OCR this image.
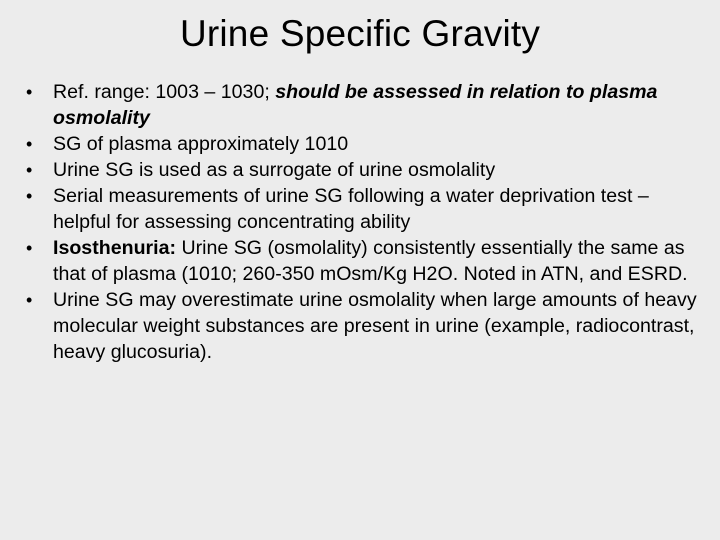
Urine Specific Gravity
• Ref. range: 1003 – 1030; should be assessed in relation to plasma osmolality
• SG of plasma approximately 1010
• Urine SG is used as a surrogate of urine osmolality
• Serial measurements of urine SG following a water deprivation test – helpful for assessing concentrating ability
• Isosthenuria: Urine SG (osmolality) consistently essentially the same as that of plasma (1010; 260-350 mOsm/Kg H2O. Noted in ATN, and ESRD.
• Urine SG may overestimate urine osmolality when large amounts of heavy molecular weight substances are present in urine (example, radiocontrast, heavy glucosuria).
